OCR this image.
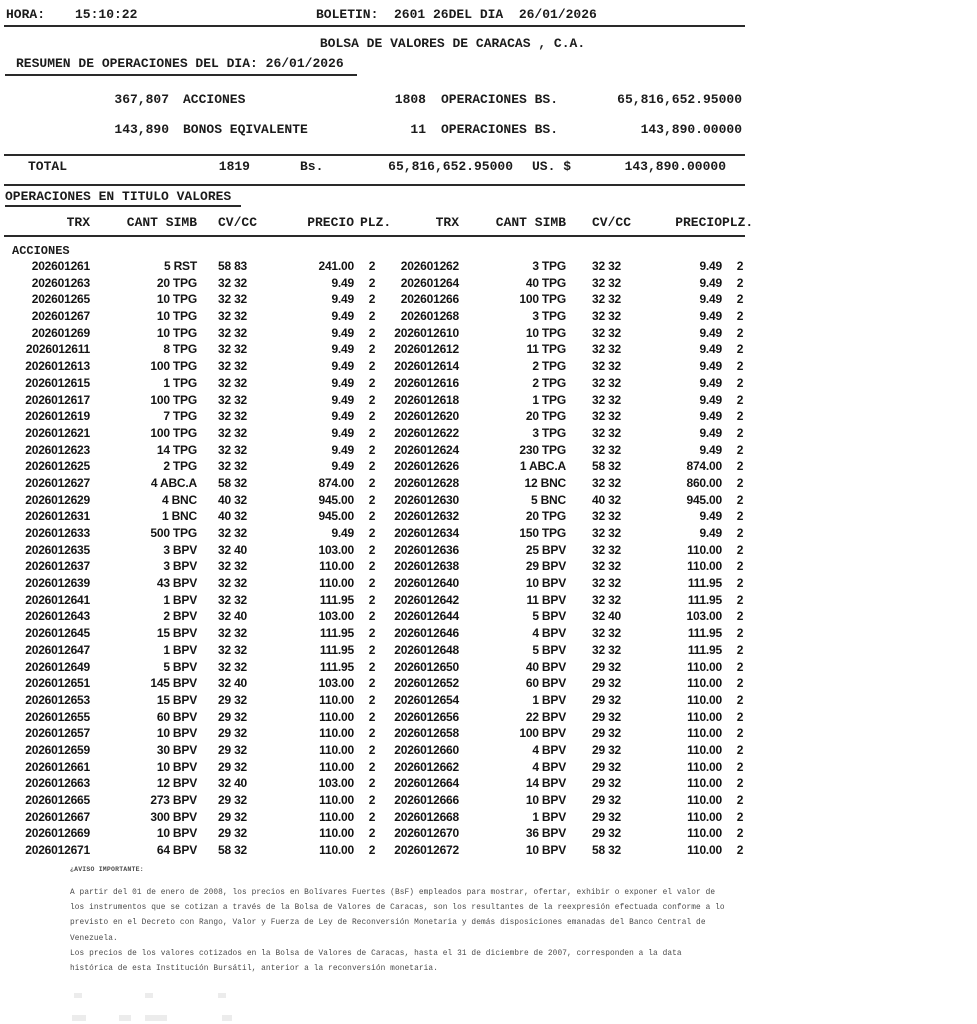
HORA: 15:10:22	BOLETIN: 2601 26DEL DIA  26/01/2026
BOLSA DE VALORES DE CARACAS , C.A.
RESUMEN DE OPERACIONES DEL DIA: 26/01/2026
367,807 ACCIONES	1808 OPERACIONES BS.	65,816,652.95000
143,890 BONOS EQIVALENTE	11 OPERACIONES BS.	143,890.00000
TOTAL	1819	Bs.	65,816,652.95000 US. $	143,890.00000
OPERACIONES EN TITULO VALORES
TRX	CANT SIMB	CV/CC	PRECIO PLZ.	TRX	CANT SIMB	CV/CC	PRECIO PLZ.
ACCIONES
202601261	5 RST	58 83	241.00	2	202601262	3 TPG	32 32	9.49	2
202601263	20 TPG	32 32	9.49	2	202601264	40 TPG	32 32	9.49	2
202601265	10 TPG	32 32	9.49	2	202601266	100 TPG	32 32	9.49	2
202601267	10 TPG	32 32	9.49	2	202601268	3 TPG	32 32	9.49	2
202601269	10 TPG	32 32	9.49	2	2026012610	10 TPG	32 32	9.49	2
2026012611	8 TPG	32 32	9.49	2	2026012612	11 TPG	32 32	9.49	2
2026012613	100 TPG	32 32	9.49	2	2026012614	2 TPG	32 32	9.49	2
2026012615	1 TPG	32 32	9.49	2	2026012616	2 TPG	32 32	9.49	2
2026012617	100 TPG	32 32	9.49	2	2026012618	1 TPG	32 32	9.49	2
2026012619	7 TPG	32 32	9.49	2	2026012620	20 TPG	32 32	9.49	2
2026012621	100 TPG	32 32	9.49	2	2026012622	3 TPG	32 32	9.49	2
2026012623	14 TPG	32 32	9.49	2	2026012624	230 TPG	32 32	9.49	2
2026012625	2 TPG	32 32	9.49	2	2026012626	1 ABC.A	58 32	874.00	2
2026012627	4 ABC.A	58 32	874.00	2	2026012628	12 BNC	32 32	860.00	2
2026012629	4 BNC	40 32	945.00	2	2026012630	5 BNC	40 32	945.00	2
2026012631	1 BNC	40 32	945.00	2	2026012632	20 TPG	32 32	9.49	2
2026012633	500 TPG	32 32	9.49	2	2026012634	150 TPG	32 32	9.49	2
2026012635	3 BPV	32 40	103.00	2	2026012636	25 BPV	32 32	110.00	2
2026012637	3 BPV	32 32	110.00	2	2026012638	29 BPV	32 32	110.00	2
2026012639	43 BPV	32 32	110.00	2	2026012640	10 BPV	32 32	111.95	2
2026012641	1 BPV	32 32	111.95	2	2026012642	11 BPV	32 32	111.95	2
2026012643	2 BPV	32 40	103.00	2	2026012644	5 BPV	32 40	103.00	2
2026012645	15 BPV	32 32	111.95	2	2026012646	4 BPV	32 32	111.95	2
2026012647	1 BPV	32 32	111.95	2	2026012648	5 BPV	32 32	111.95	2
2026012649	5 BPV	32 32	111.95	2	2026012650	40 BPV	29 32	110.00	2
2026012651	145 BPV	32 40	103.00	2	2026012652	60 BPV	29 32	110.00	2
2026012653	15 BPV	29 32	110.00	2	2026012654	1 BPV	29 32	110.00	2
2026012655	60 BPV	29 32	110.00	2	2026012656	22 BPV	29 32	110.00	2
2026012657	10 BPV	29 32	110.00	2	2026012658	100 BPV	29 32	110.00	2
2026012659	30 BPV	29 32	110.00	2	2026012660	4 BPV	29 32	110.00	2
2026012661	10 BPV	29 32	110.00	2	2026012662	4 BPV	29 32	110.00	2
2026012663	12 BPV	32 40	103.00	2	2026012664	14 BPV	29 32	110.00	2
2026012665	273 BPV	29 32	110.00	2	2026012666	10 BPV	29 32	110.00	2
2026012667	300 BPV	29 32	110.00	2	2026012668	1 BPV	29 32	110.00	2
2026012669	10 BPV	29 32	110.00	2	2026012670	36 BPV	29 32	110.00	2
2026012671	64 BPV	58 32	110.00	2	2026012672	10 BPV	58 32	110.00	2
¿AVISO IMPORTANTE:
A partir del 01 de enero de 2008, los precios en Bolívares Fuertes (BsF) empleados para mostrar, ofertar, exhibir o exponer el valor de
los instrumentos que se cotizan a través de la Bolsa de Valores de Caracas, son los resultantes de la reexpresión efectuada conforme a lo
previsto en el Decreto con Rango, Valor y Fuerza de Ley de Reconversión Monetaria y demás disposiciones emanadas del Banco Central de
Venezuela.
Los precios de los valores cotizados en la Bolsa de Valores de Caracas, hasta el 31 de diciembre de 2007, corresponden a la data
histórica de esta Institución Bursátil, anterior a la reconversión monetaria.
